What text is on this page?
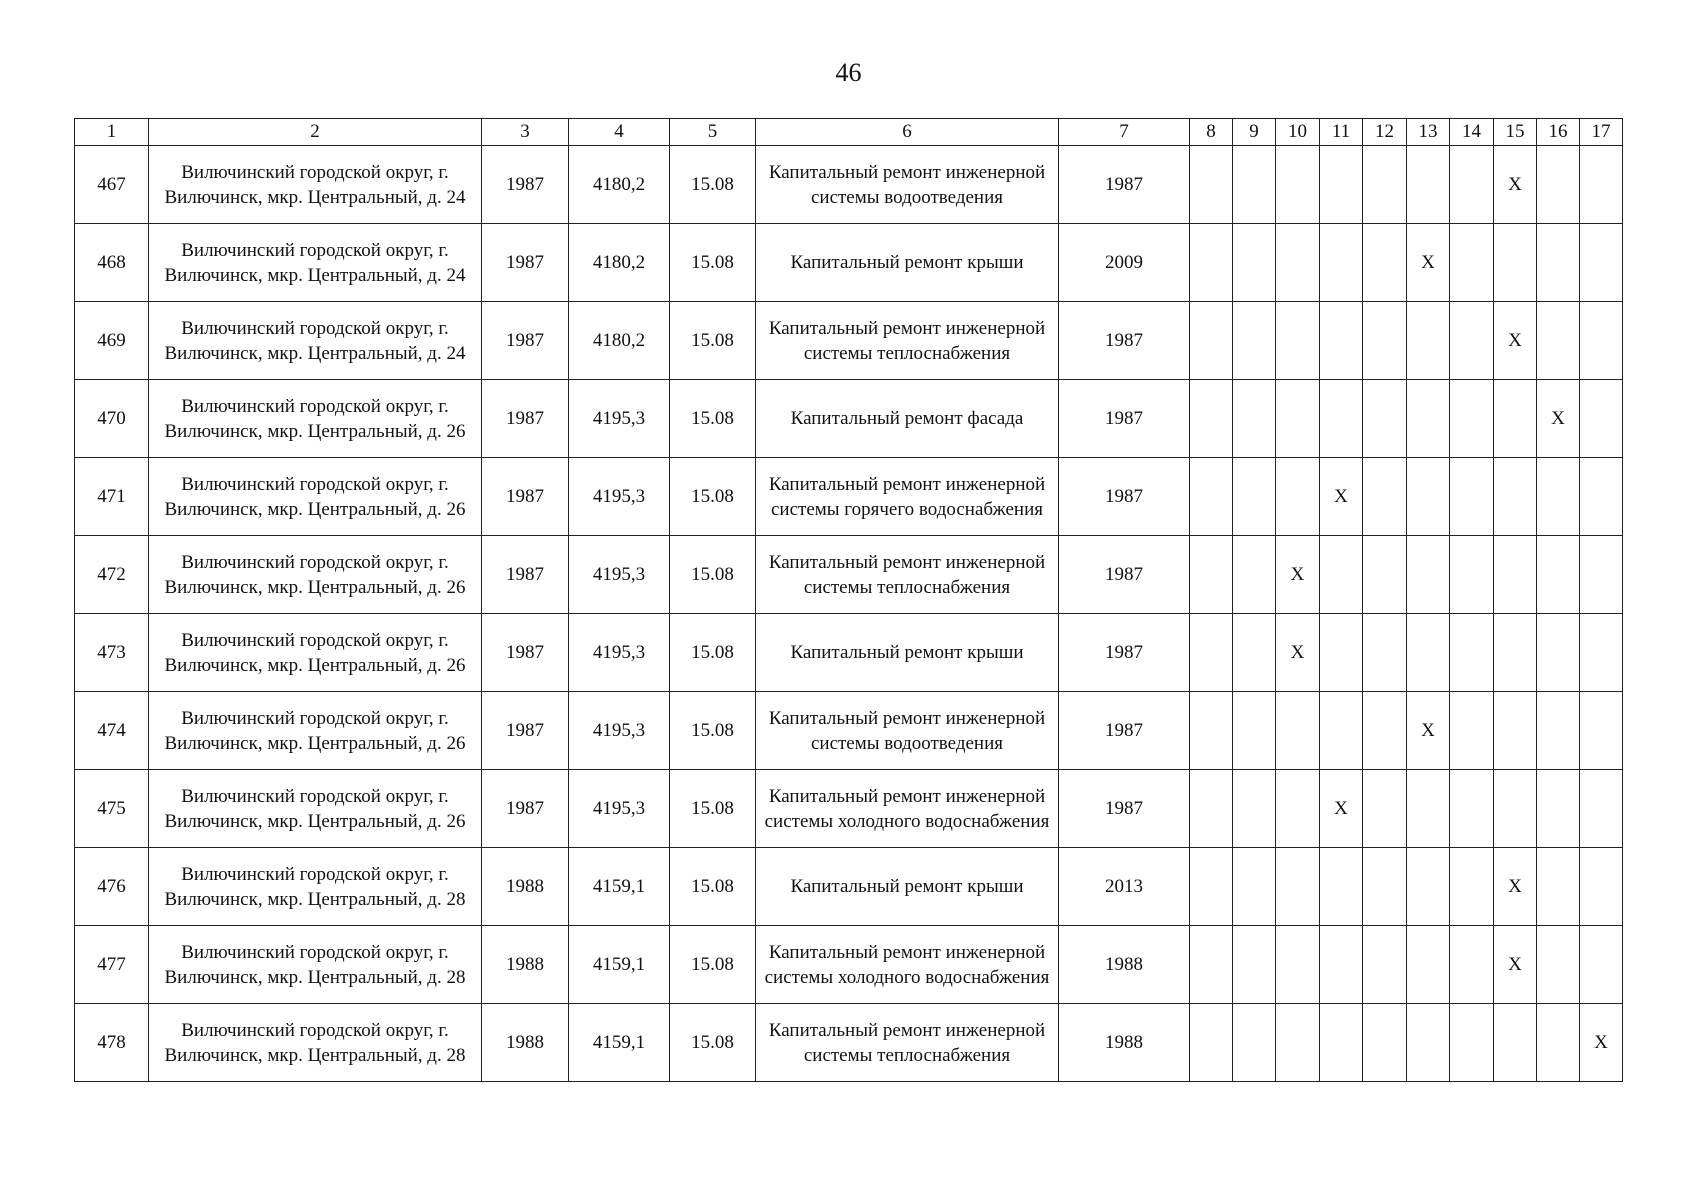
46
1	2	3	4	5	6	7	8	9	10	11	12	13	14	15	16	17
467	Вилючинский городской округ, г. Вилючинск, мкр. Центральный, д. 24	1987	4180,2	15.08	Капитальный ремонт инженерной системы водоотведения	1987								X		
468	Вилючинский городской округ, г. Вилючинск, мкр. Центральный, д. 24	1987	4180,2	15.08	Капитальный ремонт крыши	2009						X				
469	Вилючинский городской округ, г. Вилючинск, мкр. Центральный, д. 24	1987	4180,2	15.08	Капитальный ремонт инженерной системы теплоснабжения	1987								X		
470	Вилючинский городской округ, г. Вилючинск, мкр. Центральный, д. 26	1987	4195,3	15.08	Капитальный ремонт фасада	1987									X	
471	Вилючинский городской округ, г. Вилючинск, мкр. Центральный, д. 26	1987	4195,3	15.08	Капитальный ремонт инженерной системы горячего водоснабжения	1987				X						
472	Вилючинский городской округ, г. Вилючинск, мкр. Центральный, д. 26	1987	4195,3	15.08	Капитальный ремонт инженерной системы теплоснабжения	1987			X							
473	Вилючинский городской округ, г. Вилючинск, мкр. Центральный, д. 26	1987	4195,3	15.08	Капитальный ремонт крыши	1987			X							
474	Вилючинский городской округ, г. Вилючинск, мкр. Центральный, д. 26	1987	4195,3	15.08	Капитальный ремонт инженерной системы водоотведения	1987						X				
475	Вилючинский городской округ, г. Вилючинск, мкр. Центральный, д. 26	1987	4195,3	15.08	Капитальный ремонт инженерной системы холодного водоснабжения	1987				X						
476	Вилючинский городской округ, г. Вилючинск, мкр. Центральный, д. 28	1988	4159,1	15.08	Капитальный ремонт крыши	2013								X		
477	Вилючинский городской округ, г. Вилючинск, мкр. Центральный, д. 28	1988	4159,1	15.08	Капитальный ремонт инженерной системы холодного водоснабжения	1988								X		
478	Вилючинский городской округ, г. Вилючинск, мкр. Центральный, д. 28	1988	4159,1	15.08	Капитальный ремонт инженерной системы теплоснабжения	1988										X
